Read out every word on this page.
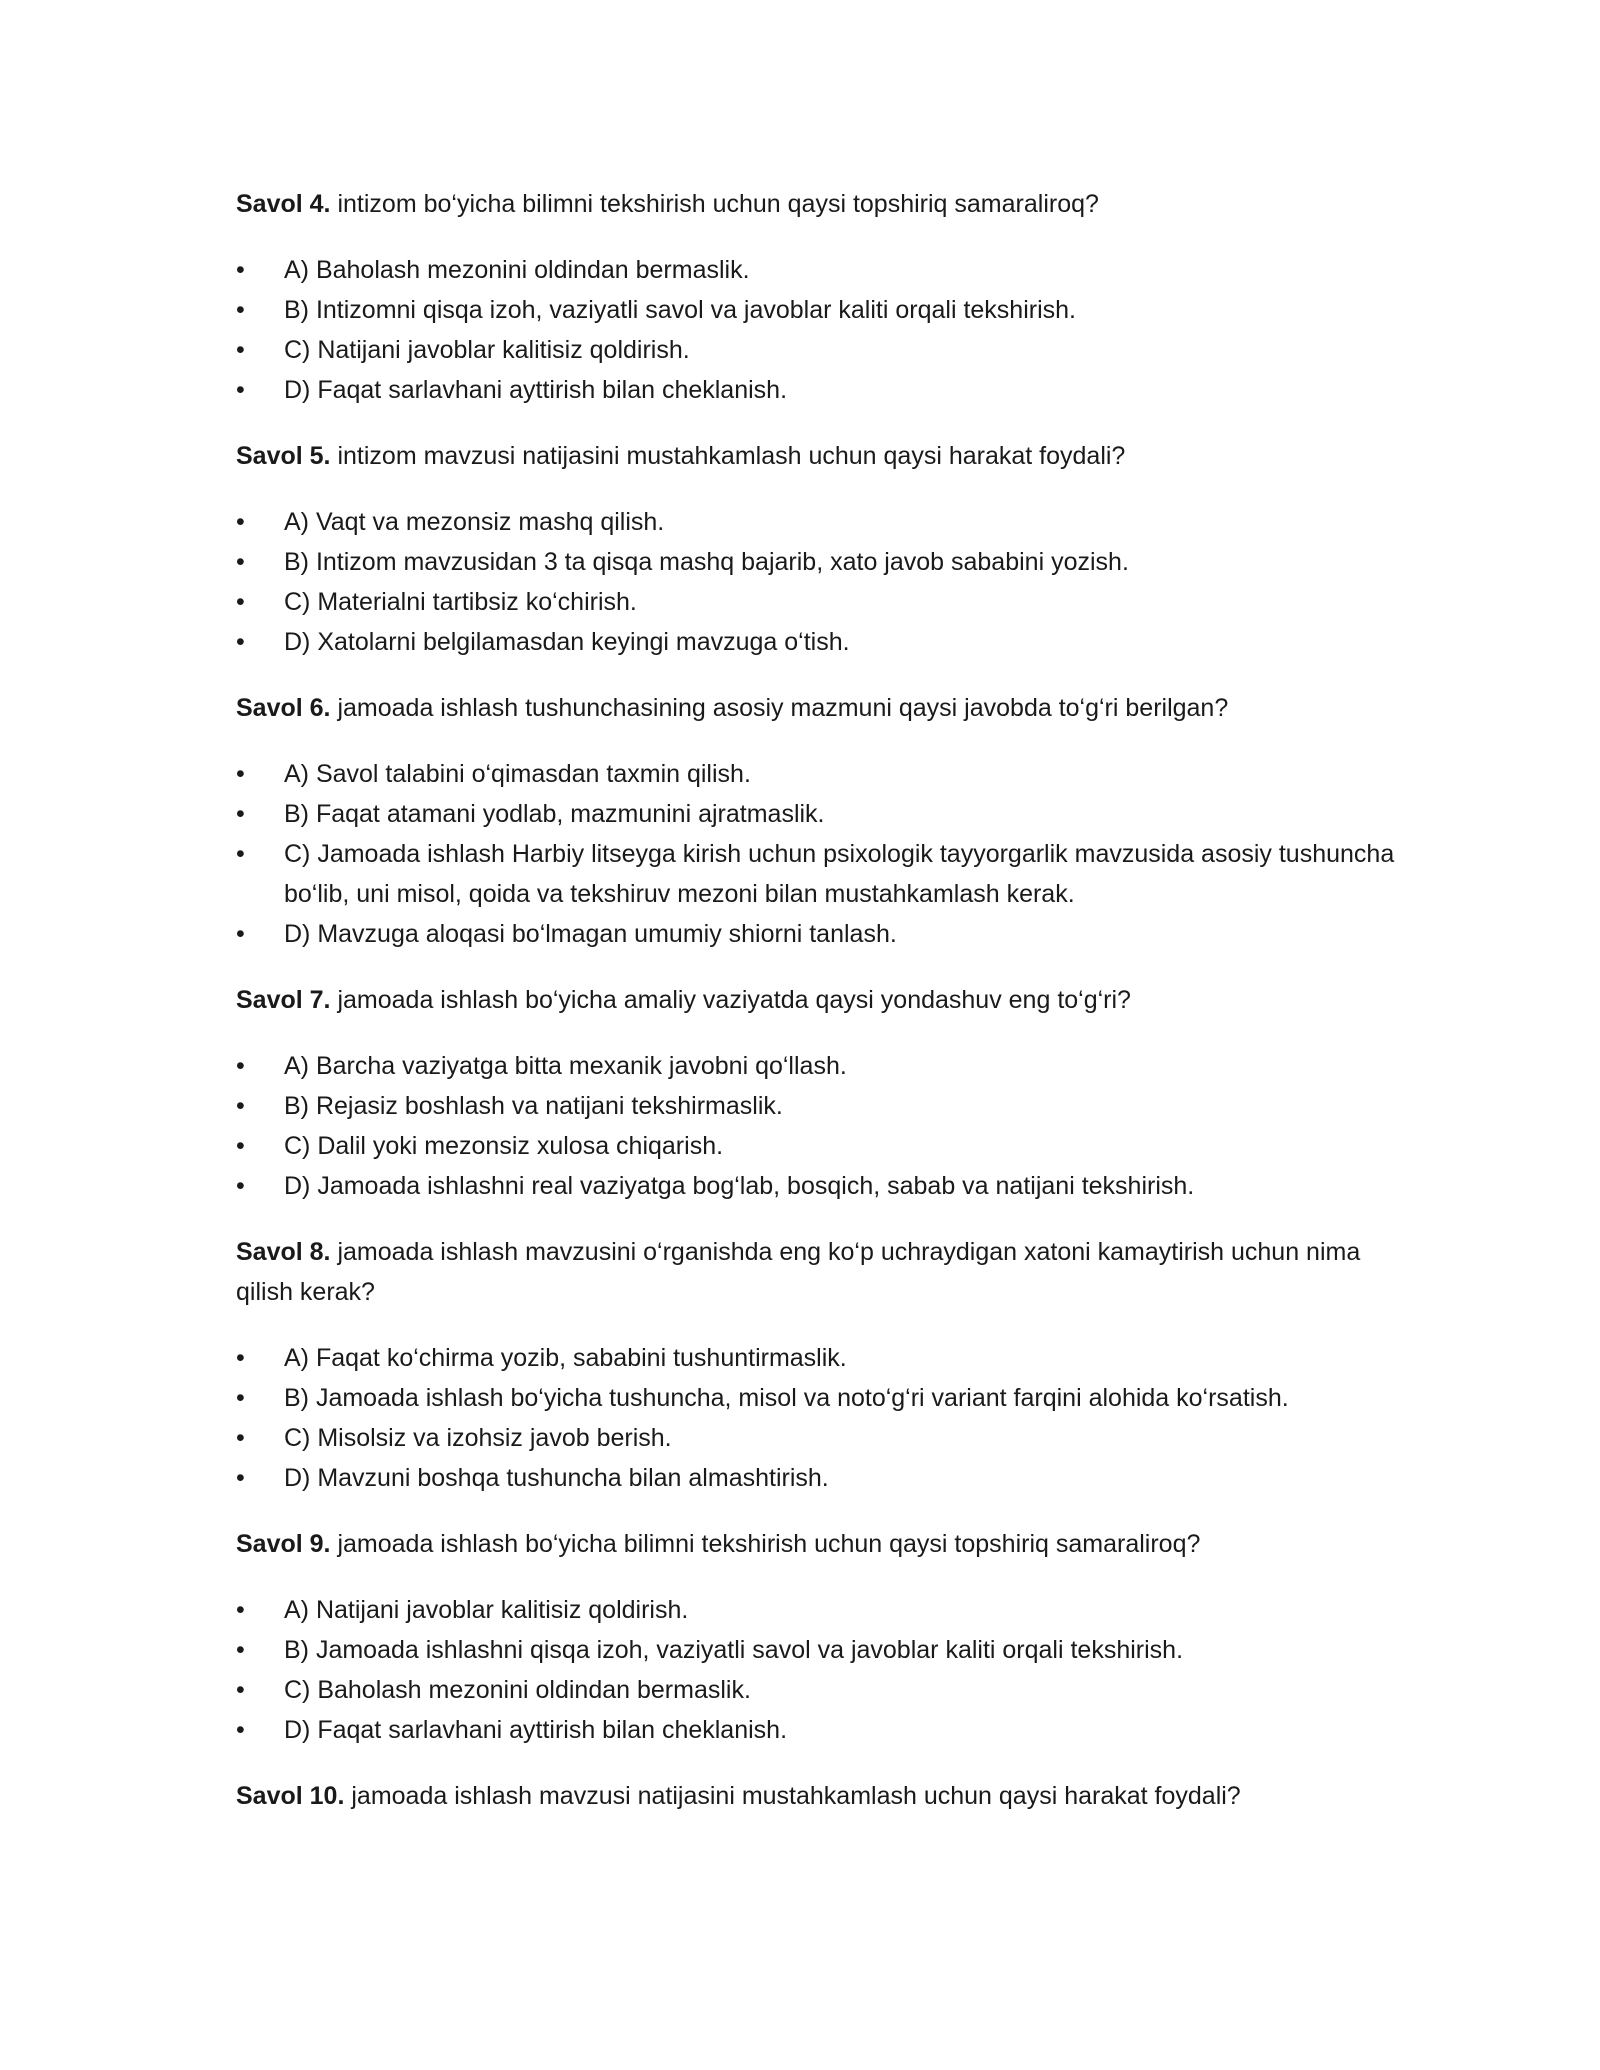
Savol 4. intizom bo‘yicha bilimni tekshirish uchun qaysi topshiriq samaraliroq?

• A) Baholash mezonini oldindan bermaslik.
• B) Intizomni qisqa izoh, vaziyatli savol va javoblar kaliti orqali tekshirish.
• C) Natijani javoblar kalitisiz qoldirish.
• D) Faqat sarlavhani ayttirish bilan cheklanish.

Savol 5. intizom mavzusi natijasini mustahkamlash uchun qaysi harakat foydali?

• A) Vaqt va mezonsiz mashq qilish.
• B) Intizom mavzusidan 3 ta qisqa mashq bajarib, xato javob sababini yozish.
• C) Materialni tartibsiz ko‘chirish.
• D) Xatolarni belgilamasdan keyingi mavzuga o‘tish.

Savol 6. jamoada ishlash tushunchasining asosiy mazmuni qaysi javobda to‘g‘ri berilgan?

• A) Savol talabini o‘qimasdan taxmin qilish.
• B) Faqat atamani yodlab, mazmunini ajratmaslik.
• C) Jamoada ishlash Harbiy litseyga kirish uchun psixologik tayyorgarlik mavzusida asosiy tushuncha bo‘lib, uni misol, qoida va tekshiruv mezoni bilan mustahkamlash kerak.
• D) Mavzuga aloqasi bo‘lmagan umumiy shiorni tanlash.

Savol 7. jamoada ishlash bo‘yicha amaliy vaziyatda qaysi yondashuv eng to‘g‘ri?

• A) Barcha vaziyatga bitta mexanik javobni qo‘llash.
• B) Rejasiz boshlash va natijani tekshirmaslik.
• C) Dalil yoki mezonsiz xulosa chiqarish.
• D) Jamoada ishlashni real vaziyatga bog‘lab, bosqich, sabab va natijani tekshirish.

Savol 8. jamoada ishlash mavzusini o‘rganishda eng ko‘p uchraydigan xatoni kamaytirish uchun nima qilish kerak?

• A) Faqat ko‘chirma yozib, sababini tushuntirmaslik.
• B) Jamoada ishlash bo‘yicha tushuncha, misol va noto‘g‘ri variant farqini alohida ko‘rsatish.
• C) Misolsiz va izohsiz javob berish.
• D) Mavzuni boshqa tushuncha bilan almashtirish.

Savol 9. jamoada ishlash bo‘yicha bilimni tekshirish uchun qaysi topshiriq samaraliroq?

• A) Natijani javoblar kalitisiz qoldirish.
• B) Jamoada ishlashni qisqa izoh, vaziyatli savol va javoblar kaliti orqali tekshirish.
• C) Baholash mezonini oldindan bermaslik.
• D) Faqat sarlavhani ayttirish bilan cheklanish.

Savol 10. jamoada ishlash mavzusi natijasini mustahkamlash uchun qaysi harakat foydali?
